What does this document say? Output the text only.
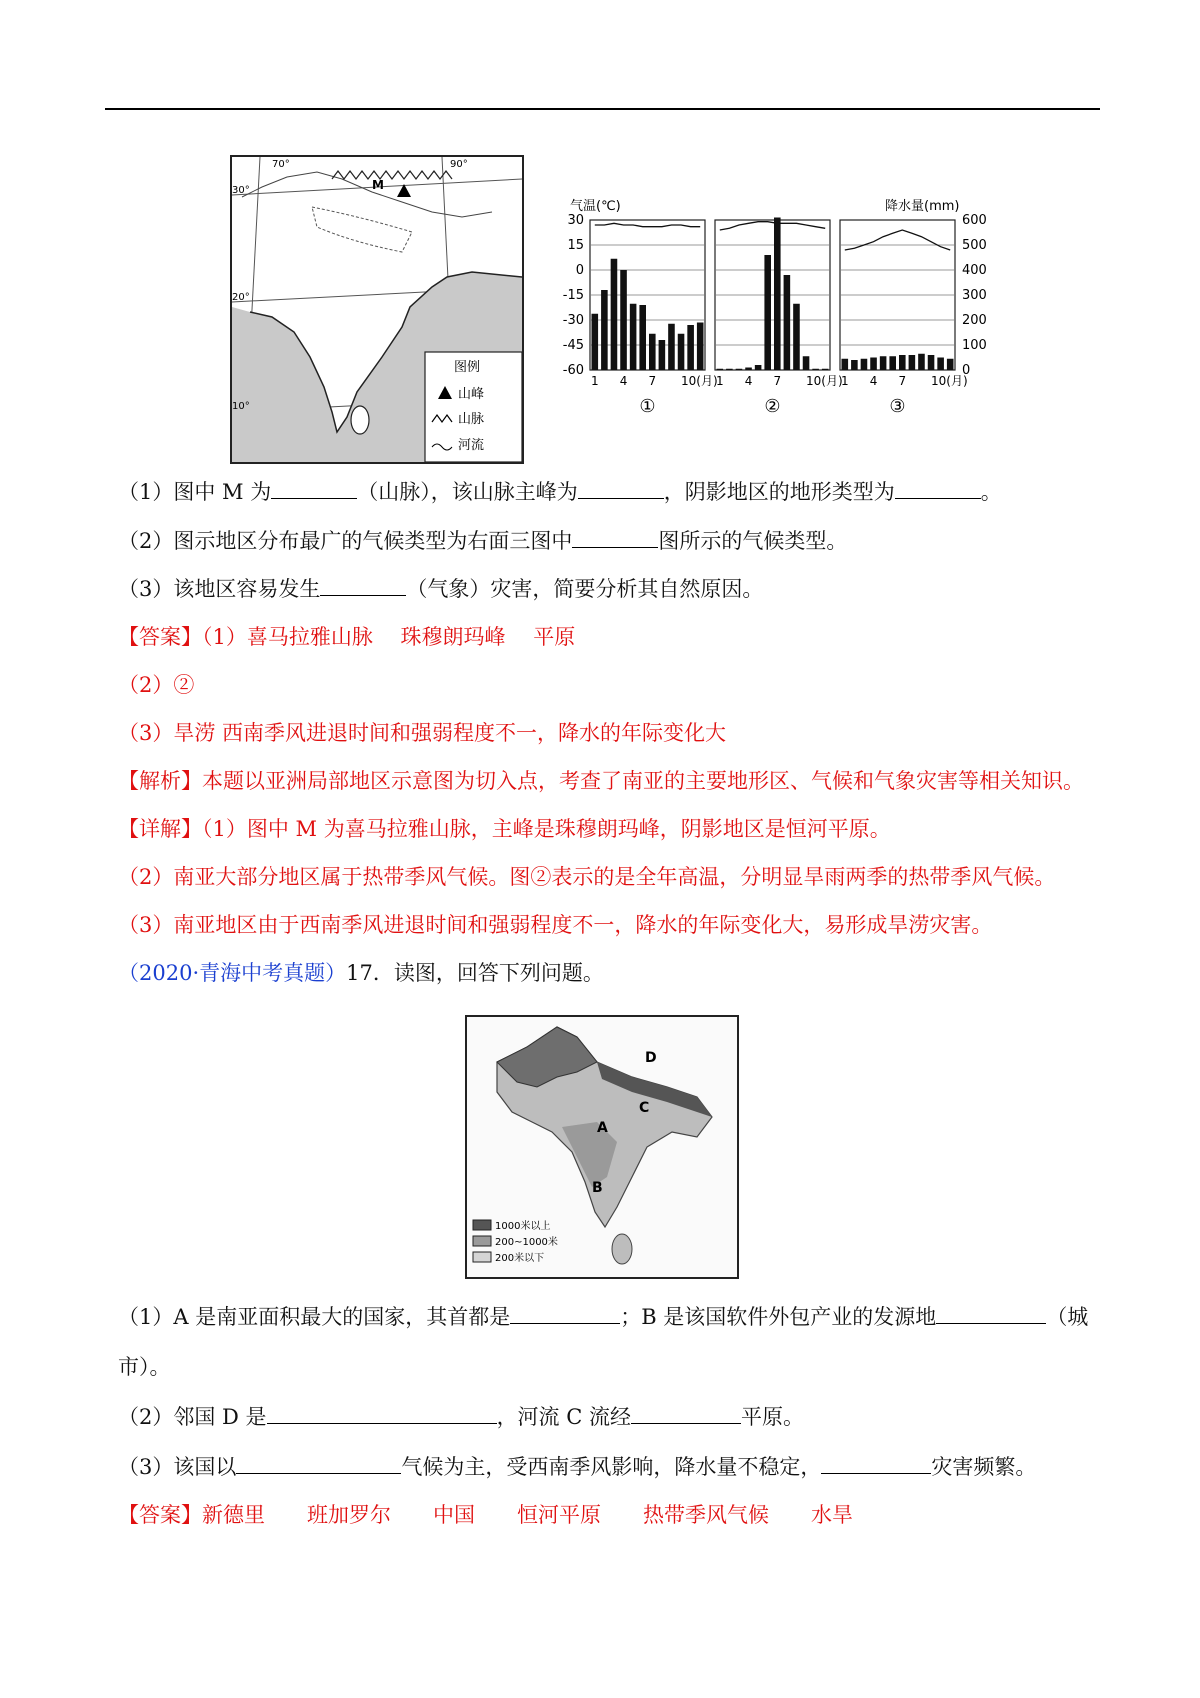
70°	90°
30°
20°
10°
M
图例
山峰
山脉
河流
气温(℃)	降水量(mm)
30
15
0
-15
-30
-45
-60
600
500
400
300
200
100
0
1 4 7 10(月)
①
1 4 7 10(月)
②
1 4 7 10(月)
③
（1）图中 M 为	（山脉），该山脉主峰为	，阴影地区的地形类型为	。
（2）图示地区分布最广的气候类型为右面三图中	图所示的气候类型。
（3）该地区容易发生	（气象）灾害，简要分析其自然原因。
【答案】（1）喜马拉雅山脉　 珠穆朗玛峰　 平原
（2）②
（3）旱涝 西南季风进退时间和强弱程度不一，降水的年际变化大
【解析】本题以亚洲局部地区示意图为切入点，考查了南亚的主要地形区、气候和气象灾害等相关知识。
【详解】（1）图中 M 为喜马拉雅山脉，主峰是珠穆朗玛峰，阴影地区是恒河平原。
（2）南亚大部分地区属于热带季风气候。图②表示的是全年高温，分明显旱雨两季的热带季风气候。
（3）南亚地区由于西南季风进退时间和强弱程度不一，降水的年际变化大，易形成旱涝灾害。
（2020·青海中考真题）17．读图，回答下列问题。
D
C
A
B
1000米以上
200~1000米
200米以下
（1）A 是南亚面积最大的国家，其首都是	；B 是该国软件外包产业的发源地	（城
市）。
（2）邻国 D 是	，河流 C 流经	平原。
（3）该国以	气候为主，受西南季风影响，降水量不稳定，	灾害频繁。
【答案】新德里　　班加罗尔　　中国　　恒河平原　　热带季风气候　　水旱
